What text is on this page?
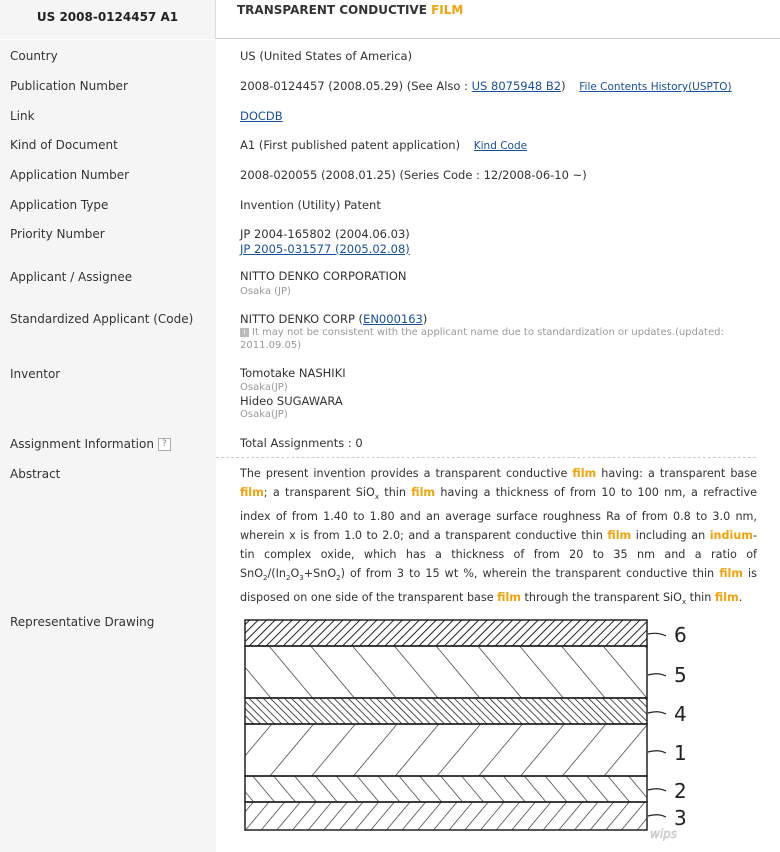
US 2008-0124457 A1	TRANSPARENT CONDUCTIVE FILM
Country	US (United States of America)
Publication Number	2008-0124457 (2008.05.29) (See Also : US 8075948 B2) File Contents History(USPTO)
Link	DOCDB
Kind of Document	A1 (First published patent application) Kind Code
Application Number	2008-020055 (2008.01.25) (Series Code : 12/2008-06-10 ~)
Application Type	Invention (Utility) Patent
Priority Number	JP 2004-165802 (2004.06.03)
JP 2005-031577 (2005.02.08)
Applicant / Assignee	NITTO DENKO CORPORATION
Osaka (JP)
Standardized Applicant (Code)	NITTO DENKO CORP (EN000163)
i It may not be consistent with the applicant name due to standardization or updates.(updated:
2011.09.05)
Inventor	Tomotake NASHIKI
Osaka(JP)
Hideo SUGAWARA
Osaka(JP)
Assignment Information ?	Total Assignments : 0
Abstract	The present invention provides a transparent conductive film having: a transparent base film; a transparent SiO$_x$ thin film having a thickness of from 10 to 100 nm, a refractive index of from 1.40 to 1.80 and an average surface roughness Ra of from 0.8 to 3.0 nm, wherein x is from 1.0 to 2.0; and a transparent conductive thin film including an indium-tin complex oxide, which has a thickness of from 20 to 35 nm and a ratio of $SnO_2/(In_2O_3+SnO_2)$ of from 3 to 15 wt %, wherein the transparent conductive thin film is disposed on one side of the transparent base film through the transparent SiO$_x$ thin film.
Representative Drawing
6
5
4
1
2
3
wips
